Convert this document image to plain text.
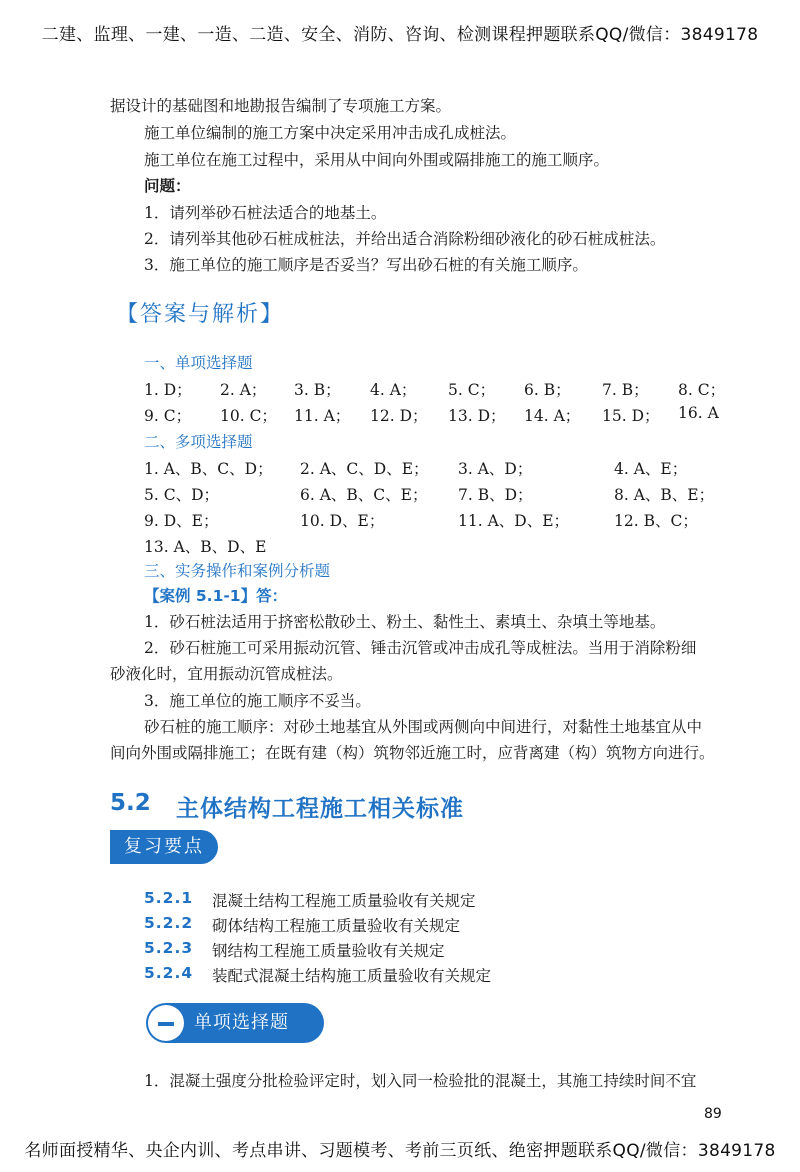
二建、监理、一建、一造、二造、安全、消防、咨询、检测课程押题联系QQ/微信：3849178
据设计的基础图和地勘报告编制了专项施工方案。
施工单位编制的施工方案中决定采用冲击成孔成桩法。
施工单位在施工过程中，采用从中间向外围或隔排施工的施工顺序。
问题：
1．请列举砂石桩法适合的地基土。
2．请列举其他砂石桩成桩法，并给出适合消除粉细砂液化的砂石桩成桩法。
3．施工单位的施工顺序是否妥当？写出砂石桩的有关施工顺序。
【答案与解析】
一、单项选择题
1. D； 2. A； 3. B； 4. A； 5. C； 6. B； 7. B； 8. C；
9. C； 10. C； 11. A； 12. D； 13. D； 14. A； 15. D； 16. A
二、多项选择题
1. A、B、C、D； 2. A、C、D、E； 3. A、D；	4. A、E；
5. C、D；	6. A、B、C、E； 7. B、D；	8. A、B、E；
9. D、E；	10. D、E；	11. A、D、E；	12. B、C；
13. A、B、D、E
三、实务操作和案例分析题
【案例 5.1-1】答：
1．砂石桩法适用于挤密松散砂土、粉土、黏性土、素填土、杂填土等地基。
2．砂石桩施工可采用振动沉管、锤击沉管或冲击成孔等成桩法。当用于消除粉细
砂液化时，宜用振动沉管成桩法。
3．施工单位的施工顺序不妥当。
砂石桩的施工顺序：对砂土地基宜从外围或两侧向中间进行，对黏性土地基宜从中
间向外围或隔排施工；在既有建（构）筑物邻近施工时，应背离建（构）筑物方向进行。
5.2 主体结构工程施工相关标准
复习要点
5.2.1 混凝土结构工程施工质量验收有关规定
5.2.2 砌体结构工程施工质量验收有关规定
5.2.3 钢结构工程施工质量验收有关规定
5.2.4 装配式混凝土结构施工质量验收有关规定
单项选择题
1．混凝土强度分批检验评定时，划入同一检验批的混凝土，其施工持续时间不宜
89
名师面授精华、央企内训、考点串讲、习题模考、考前三页纸、绝密押题联系QQ/微信：3849178
